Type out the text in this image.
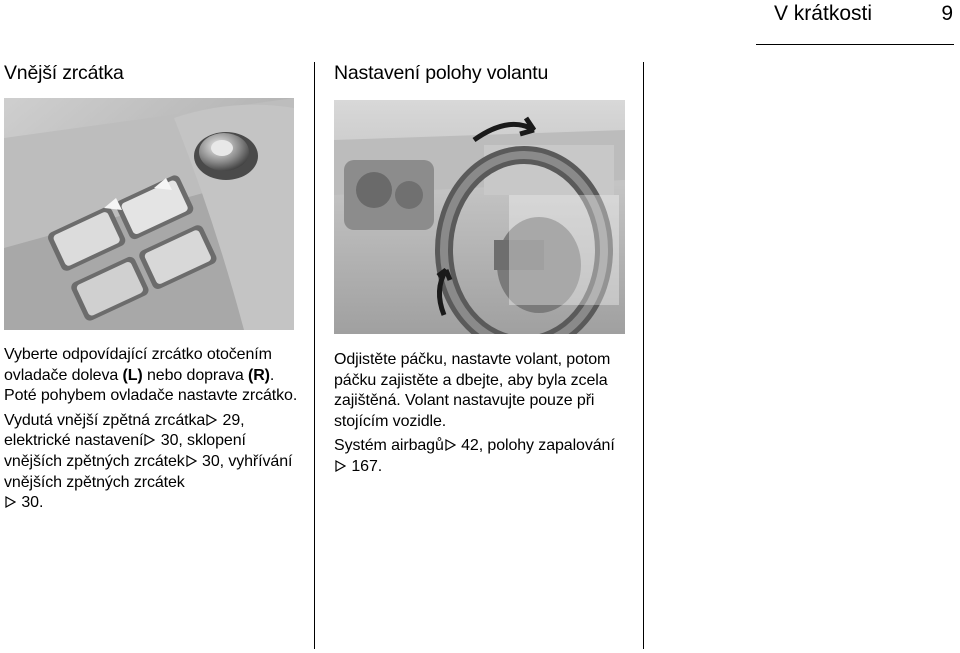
V krátkosti	9
Vnější zrcátka

Vyberte odpovídající zrcátko otočením ovladače doleva (L) nebo doprava (R). Poté pohybem ovladače nastavte zrcátko.

Vydutá vnější zpětná zrcátka
29, elektrické nastavení
30, sklopení vnějších zpětných zrcátek
30, vyhřívání vnějších zpětných zrcátek

30.

Nastavení polohy volantu

Odjistěte páčku, nastavte volant, potom páčku zajistěte a dbejte, aby byla zcela zajištěná. Volant nastavujte pouze při stojícím vozidle.

Systém airbagů
42, polohy zapalování

167.
